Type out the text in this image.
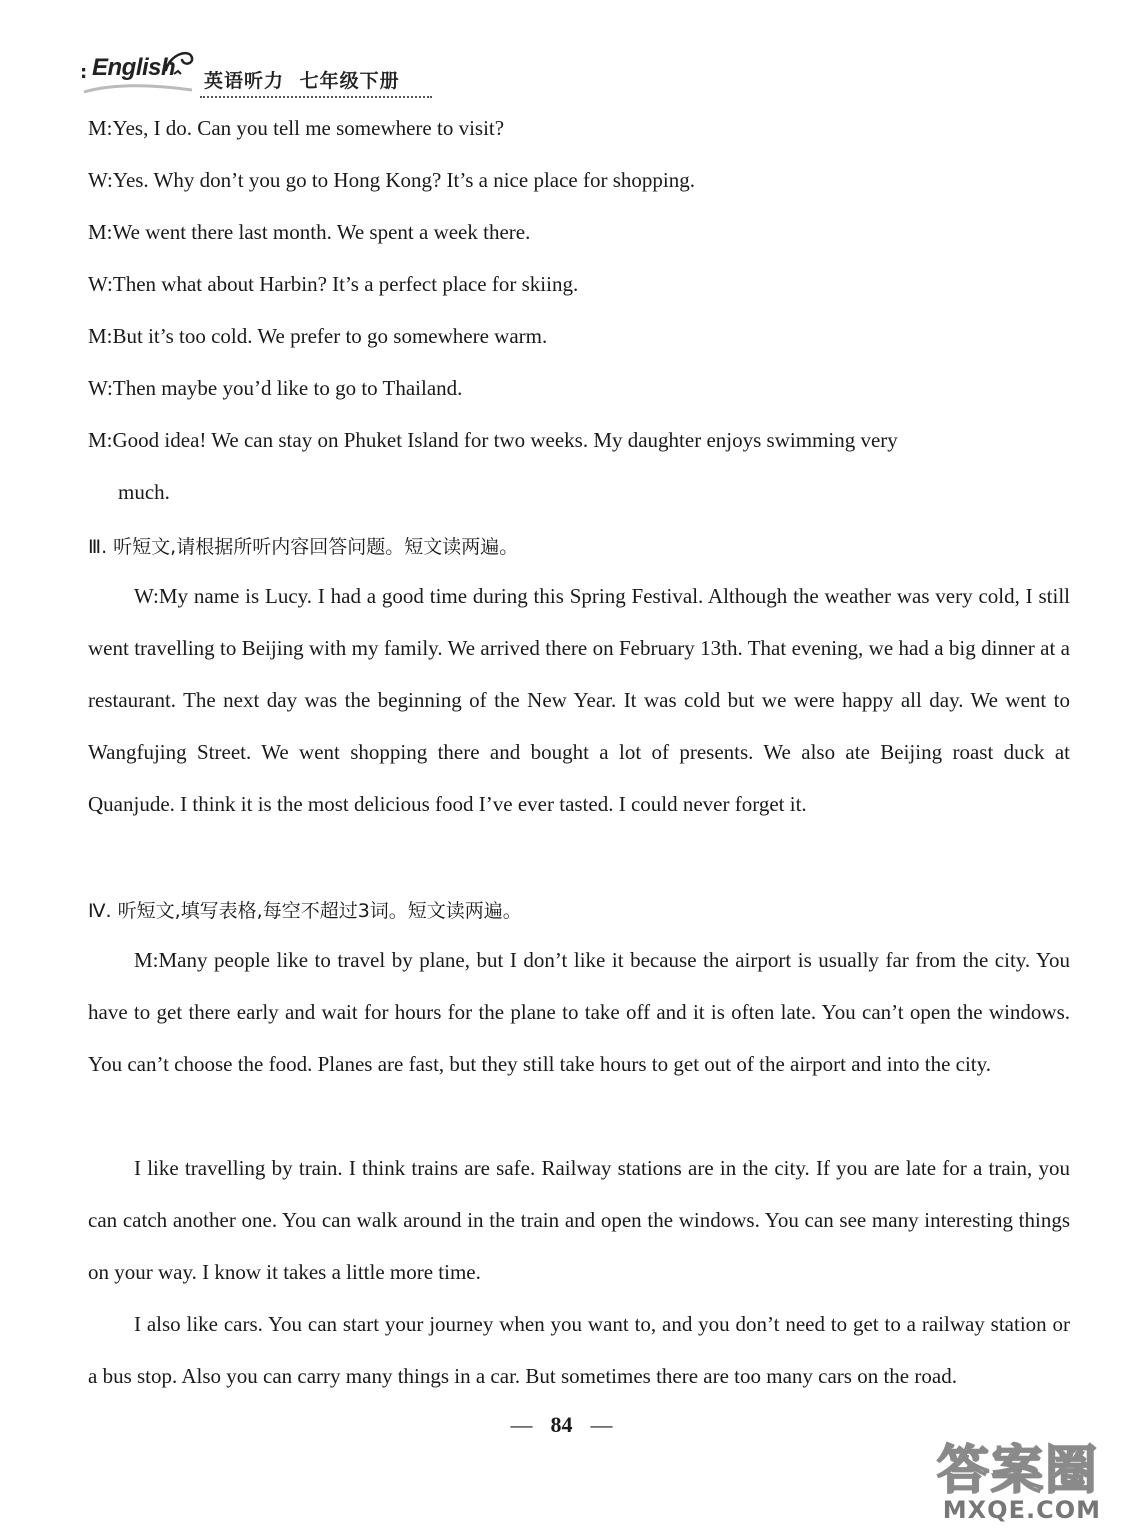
: English 英语听力 七年级下册
M:Yes, I do. Can you tell me somewhere to visit?
W:Yes. Why don’t you go to Hong Kong? It’s a nice place for shopping.
M:We went there last month. We spent a week there.
W:Then what about Harbin? It’s a perfect place for skiing.
M:But it’s too cold. We prefer to go somewhere warm.
W:Then maybe you’d like to go to Thailand.
M:Good idea! We can stay on Phuket Island for two weeks. My daughter enjoys swimming very
much.
Ⅲ. 听短文,请根据所听内容回答问题。短文读两遍。
W:My name is Lucy. I had a good time during this Spring Festival. Although the weather was very cold, I still went travelling to Beijing with my family. We arrived there on February 13th. That evening, we had a big dinner at a restaurant. The next day was the beginning of the New Year. It was cold but we were happy all day. We went to Wangfujing Street. We went shopping there and bought a lot of presents. We also ate Beijing roast duck at Quanjude. I think it is the most delicious food I’ve ever tasted. I could never forget it.
Ⅳ. 听短文,填写表格,每空不超过3词。短文读两遍。
M:Many people like to travel by plane, but I don’t like it because the airport is usually far from the city. You have to get there early and wait for hours for the plane to take off and it is often late. You can’t open the windows. You can’t choose the food. Planes are fast, but they still take hours to get out of the airport and into the city.
I like travelling by train. I think trains are safe. Railway stations are in the city. If you are late for a train, you can catch another one. You can walk around in the train and open the windows. You can see many interesting things on your way. I know it takes a little more time.
I also like cars. You can start your journey when you want to, and you don’t need to get to a railway station or a bus stop. Also you can carry many things in a car. But sometimes there are too many cars on the road.
— 84 —
答案圈
MXQE.COM
